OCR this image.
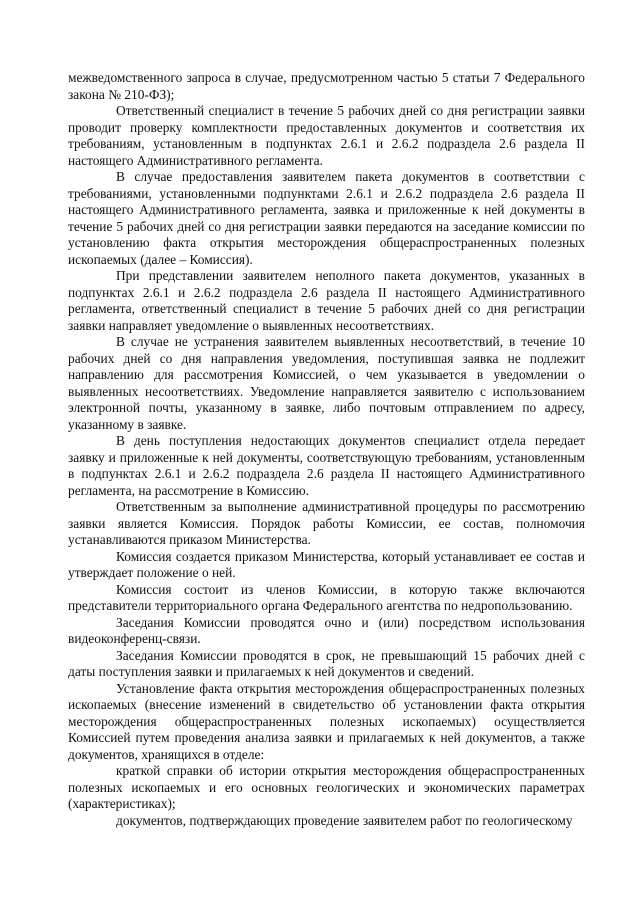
межведомственного запроса в случае, предусмотренном частью 5 статьи 7 Федерального закона № 210-ФЗ);

Ответственный специалист в течение 5 рабочих дней со дня регистрации заявки проводит проверку комплектности предоставленных документов и соответствия их требованиям, установленным в подпунктах 2.6.1 и 2.6.2 подраздела 2.6 раздела II настоящего Административного регламента.

В случае предоставления заявителем пакета документов в соответствии с требованиями, установленными подпунктами 2.6.1 и 2.6.2 подраздела 2.6 раздела II настоящего Административного регламента, заявка и приложенные к ней документы в течение 5 рабочих дней со дня регистрации заявки передаются на заседание комиссии по установлению факта открытия месторождения общераспространенных полезных ископаемых (далее – Комиссия).

При представлении заявителем неполного пакета документов, указанных в подпунктах 2.6.1 и 2.6.2 подраздела 2.6 раздела II настоящего Административного регламента, ответственный специалист в течение 5 рабочих дней со дня регистрации заявки направляет уведомление о выявленных несоответствиях.

В случае не устранения заявителем выявленных несоответствий, в течение 10 рабочих дней со дня направления уведомления, поступившая заявка не подлежит направлению для рассмотрения Комиссией, о чем указывается в уведомлении о выявленных несоответствиях. Уведомление направляется заявителю с использованием электронной почты, указанному в заявке, либо почтовым отправлением по адресу, указанному в заявке.

В день поступления недостающих документов специалист отдела передает заявку и приложенные к ней документы, соответствующую требованиям, установленным в подпунктах 2.6.1 и 2.6.2 подраздела 2.6 раздела II настоящего Административного регламента, на рассмотрение в Комиссию.

Ответственным за выполнение административной процедуры по рассмотрению заявки является Комиссия. Порядок работы Комиссии, ее состав, полномочия устанавливаются приказом Министерства.

Комиссия создается приказом Министерства, который устанавливает ее состав и утверждает положение о ней.

Комиссия состоит из членов Комиссии, в которую также включаются представители территориального органа Федерального агентства по недропользованию.

Заседания Комиссии проводятся очно и (или) посредством использования видеоконференц-связи.

Заседания Комиссии проводятся в срок, не превышающий 15 рабочих дней с даты поступления заявки и прилагаемых к ней документов и сведений.

Установление факта открытия месторождения общераспространенных полезных ископаемых (внесение изменений в свидетельство об установлении факта открытия месторождения общераспространенных полезных ископаемых) осуществляется Комиссией путем проведения анализа заявки и прилагаемых к ней документов, а также документов, хранящихся в отделе:

краткой справки об истории открытия месторождения общераспространенных полезных ископаемых и его основных геологических и экономических параметрах (характеристиках);

документов, подтверждающих проведение заявителем работ по геологическому
